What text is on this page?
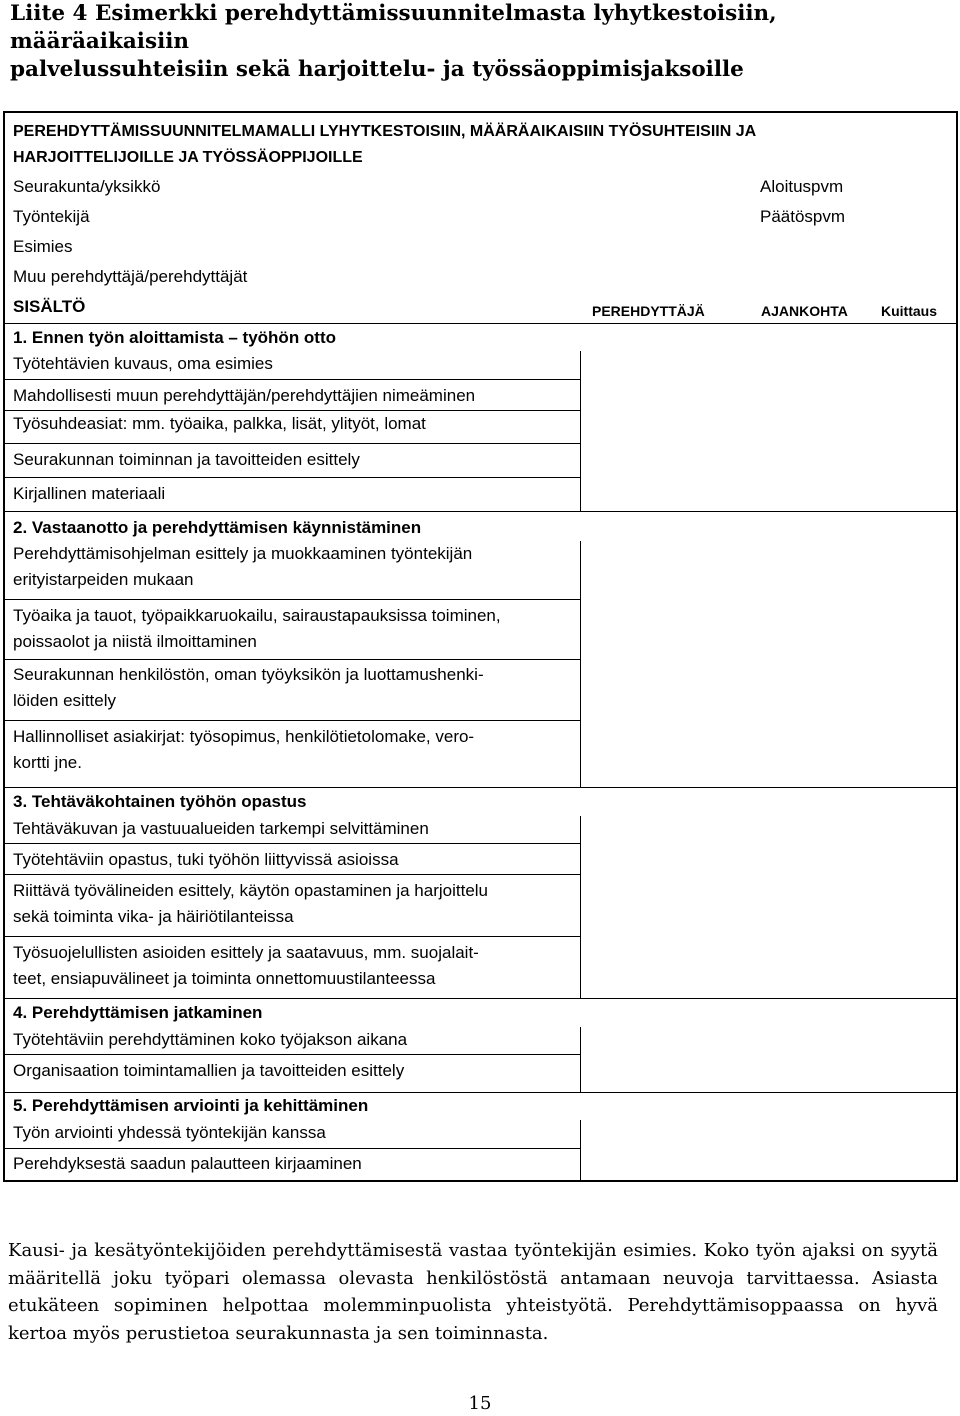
Liite 4 Esimerkki perehdyttämissuunnitelmasta lyhytkestoisiin, määräaikaisiin
palvelussuhteisiin sekä harjoittelu- ja työssäoppimisjaksoille
PEREHDYTTÄMISSUUNNITELMAMALLI LYHYTKESTOISIIN, MÄÄRÄAIKAISIIN TYÖSUHTEISIIN JA
HARJOITTELIJOILLE JA TYÖSSÄOPPIJOILLE
Seurakunta/yksikkö	Aloituspvm
Työntekijä	Päätöspvm
Esimies
Muu perehdyttäjä/perehdyttäjät
SISÄLTÖ	PEREHDYTTÄJÄ	AJANKOHTA Kuittaus
1. Ennen työn aloittamista – työhön otto
Työtehtävien kuvaus, oma esimies
Mahdollisesti muun perehdyttäjän/perehdyttäjien nimeäminen
Työsuhdeasiat: mm. työaika, palkka, lisät, ylityöt, lomat
Seurakunnan toiminnan ja tavoitteiden esittely
Kirjallinen materiaali
2. Vastaanotto ja perehdyttämisen käynnistäminen
Perehdyttämisohjelman esittely ja muokkaaminen työntekijän
erityistarpeiden mukaan
Työaika ja tauot, työpaikkaruokailu, sairaustapauksissa toiminen,
poissaolot ja niistä ilmoittaminen
Seurakunnan henkilöstön, oman työyksikön ja luottamushenki-
löiden esittely
Hallinnolliset asiakirjat: työsopimus, henkilötietolomake, vero-
kortti jne.
3. Tehtäväkohtainen työhön opastus
Tehtäväkuvan ja vastuualueiden tarkempi selvittäminen
Työtehtäviin opastus, tuki työhön liittyvissä asioissa
Riittävä työvälineiden esittely, käytön opastaminen ja harjoittelu
sekä toiminta vika- ja häiriötilanteissa
Työsuojelullisten asioiden esittely ja saatavuus, mm. suojalait-
teet, ensiapuvälineet ja toiminta onnettomuustilanteessa
4. Perehdyttämisen jatkaminen
Työtehtäviin perehdyttäminen koko työjakson aikana
Organisaation toimintamallien ja tavoitteiden esittely
5. Perehdyttämisen arviointi ja kehittäminen
Työn arviointi yhdessä työntekijän kanssa
Perehdyksestä saadun palautteen kirjaaminen
Kausi- ja kesätyöntekijöiden perehdyttämisestä vastaa työntekijän esimies. Koko työn ajaksi on syytä määritellä joku työpari olemassa olevasta henkilöstöstä antamaan neuvoja tarvittaessa. Asiasta etukäteen sopiminen helpottaa molemminpuolista yhteistyötä. Perehdyttämisoppaassa on hyvä kertoa myös perustietoa seurakunnasta ja sen toiminnasta.
15
